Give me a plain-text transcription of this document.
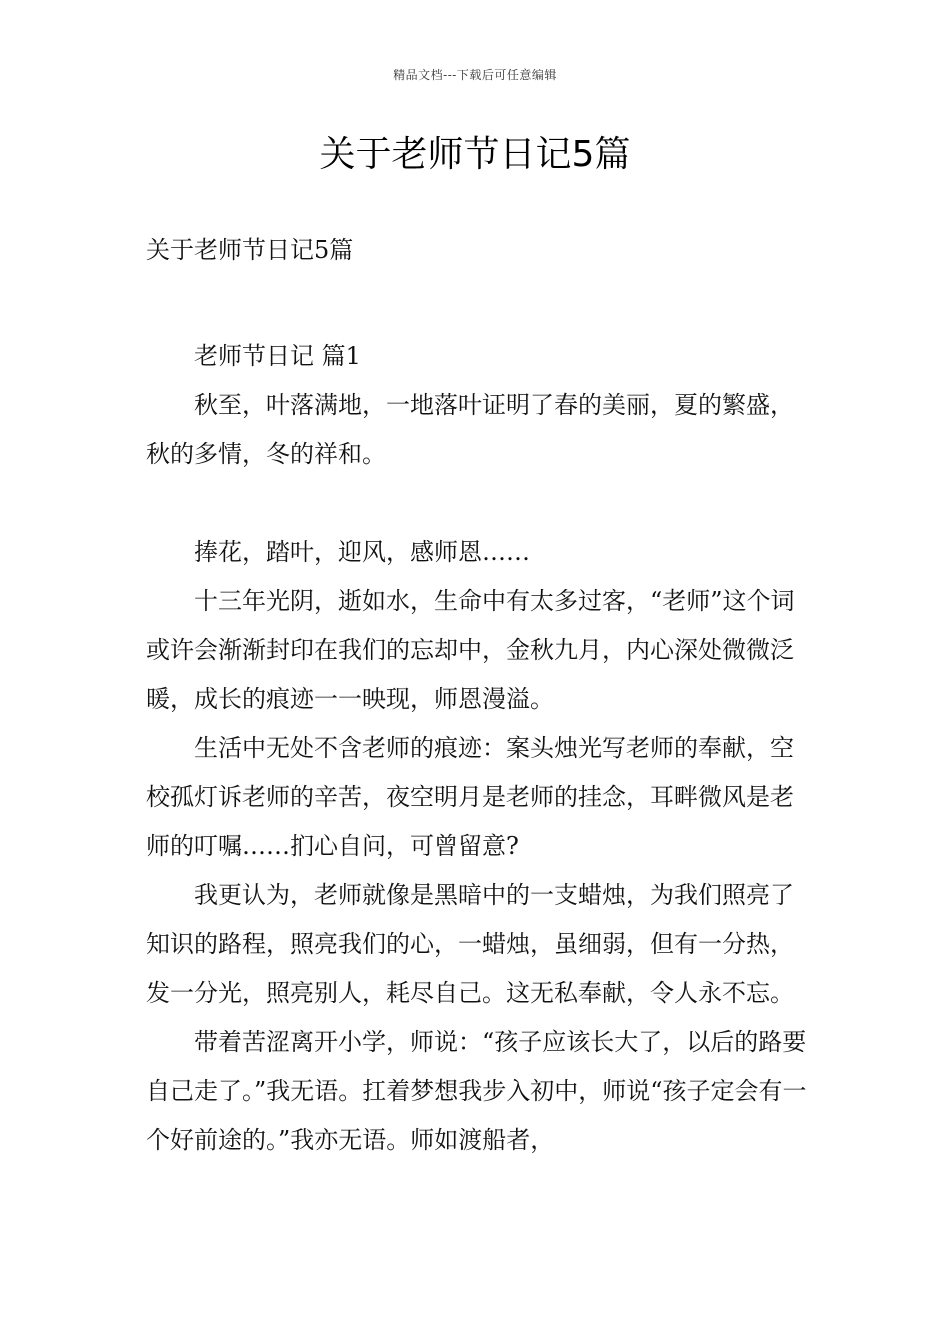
精品文档---下载后可任意编辑
关于老师节日记5篇

关于老师节日记5篇

老师节日记 篇1

秋至，叶落满地，一地落叶证明了春的美丽，夏的繁盛，秋的多情，冬的祥和。

捧花，踏叶，迎风，感师恩……

十三年光阴，逝如水，生命中有太多过客，“老师”这个词或许会渐渐封印在我们的忘却中，金秋九月，内心深处微微泛暖，成长的痕迹一一映现，师恩漫溢。

生活中无处不含老师的痕迹：案头烛光写老师的奉献，空校孤灯诉老师的辛苦，夜空明月是老师的挂念，耳畔微风是老师的叮嘱……扪心自问，可曾留意?

我更认为，老师就像是黑暗中的一支蜡烛，为我们照亮了知识的路程，照亮我们的心，一蜡烛，虽细弱，但有一分热，发一分光，照亮别人，耗尽自己。这无私奉献，令人永不忘。

带着苦涩离开小学，师说：“孩子应该长大了，以后的路要自己走了。”我无语。扛着梦想我步入初中，师说“孩子定会有一个好前途的。”我亦无语。师如渡船者，
